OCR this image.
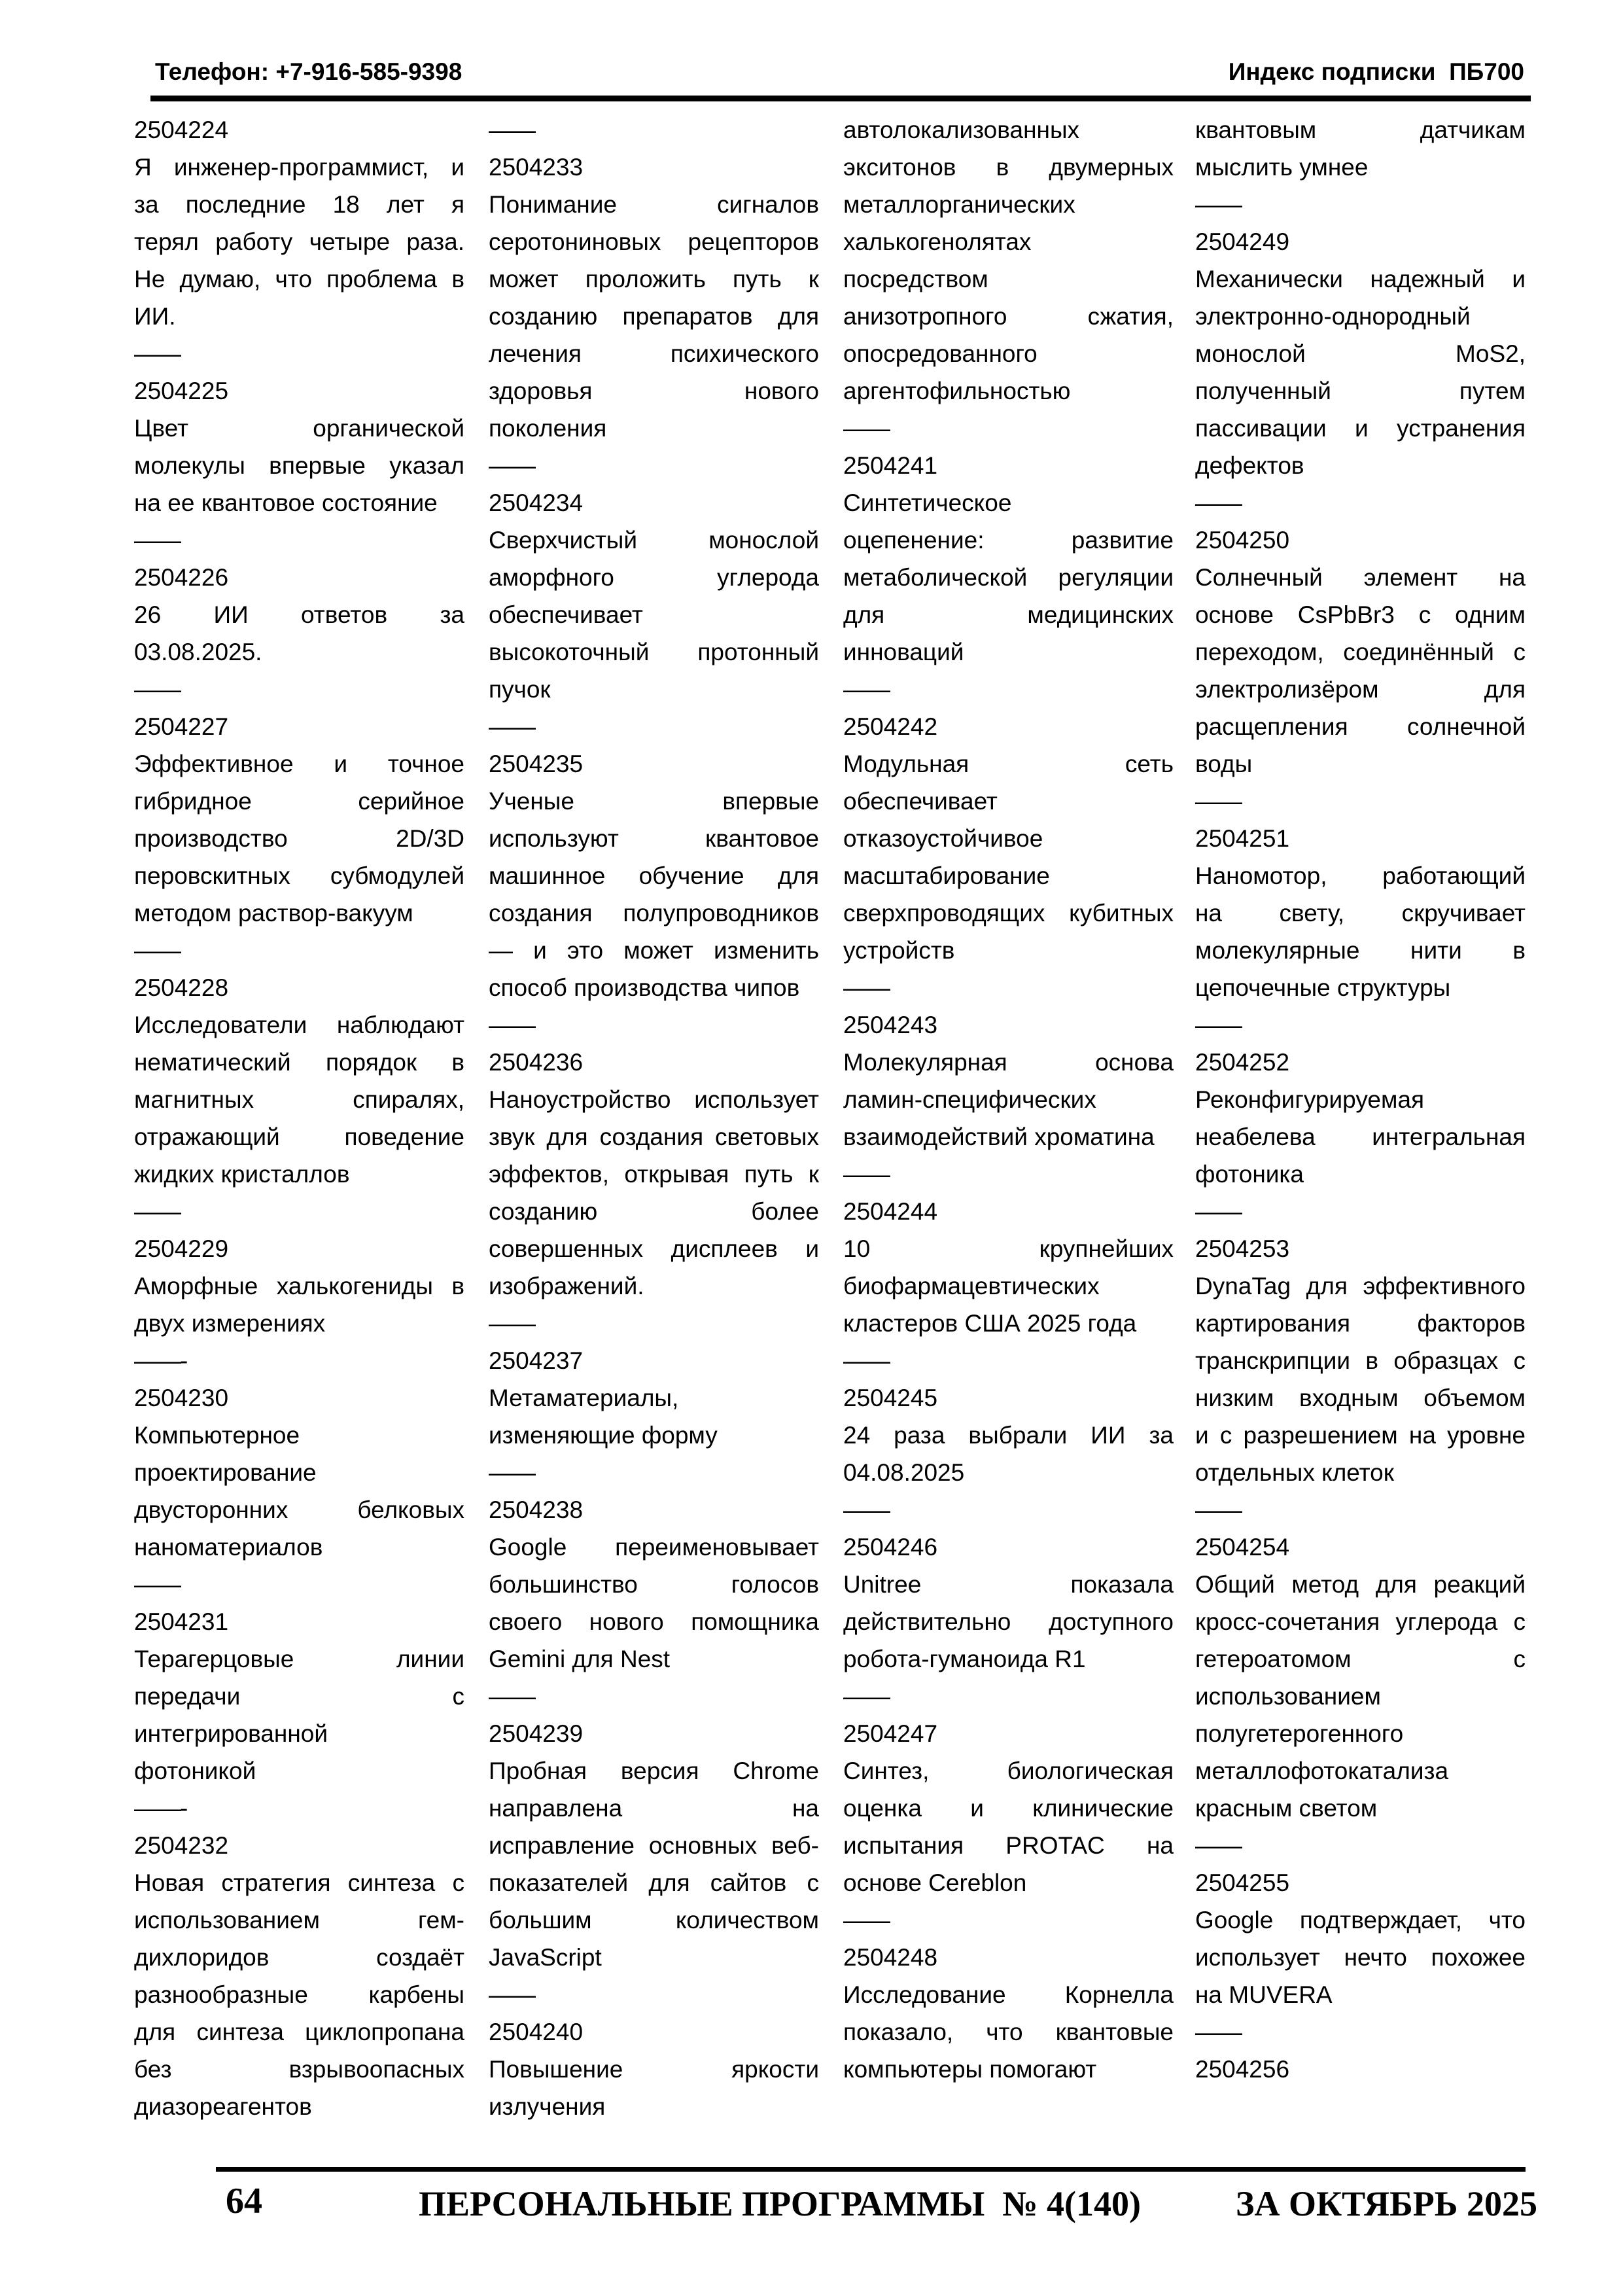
Телефон: +7-916-585-9398	Индекс подписки  ПБ700
2504224
Я инженер-программист, и
за последние 18 лет я
терял работу четыре раза.
Не думаю, что проблема в
ИИ.
——
2504225
Цвет органической
молекулы впервые указал
на ее квантовое состояние
——
2504226
26 ИИ ответов за
03.08.2025.
——
2504227
Эффективное и точное
гибридное серийное
производство 2D/3D
перовскитных субмодулей
методом раствор-вакуум
——
2504228
Исследователи наблюдают
нематический порядок в
магнитных спиралях,
отражающий поведение
жидких кристаллов
——
2504229
Аморфные халькогениды в
двух измерениях
——-
2504230
Компьютерное
проектирование
двусторонних белковых
наноматериалов
——
2504231
Терагерцовые линии
передачи с
интегрированной
фотоникой
——-
2504232
Новая стратегия синтеза с
использованием гем-
дихлоридов создаёт
разнообразные карбены
для синтеза циклопропана
без взрывоопасных
диазореагентов
——
2504233
Понимание сигналов
серотониновых рецепторов
может проложить путь к
созданию препаратов для
лечения психического
здоровья нового
поколения
——
2504234
Сверхчистый монослой
аморфного углерода
обеспечивает
высокоточный протонный
пучок
——
2504235
Ученые впервые
используют квантовое
машинное обучение для
создания полупроводников
— и это может изменить
способ производства чипов
——
2504236
Наноустройство использует
звук для создания световых
эффектов, открывая путь к
созданию более
совершенных дисплеев и
изображений.
——
2504237
Метаматериалы,
изменяющие форму
——
2504238
Google переименовывает
большинство голосов
своего нового помощника
Gemini для Nest
——
2504239
Пробная версия Chrome
направлена на
исправление основных веб-
показателей для сайтов с
большим количеством
JavaScript
——
2504240
Повышение яркости
излучения
автолокализованных
экситонов в двумерных
металлорганических
халькогенолятах
посредством
анизотропного сжатия,
опосредованного
аргентофильностью
——
2504241
Синтетическое
оцепенение: развитие
метаболической регуляции
для медицинских
инноваций
——
2504242
Модульная сеть
обеспечивает
отказоустойчивое
масштабирование
сверхпроводящих кубитных
устройств
——
2504243
Молекулярная основа
ламин-специфических
взаимодействий хроматина
——
2504244
10 крупнейших
биофармацевтических
кластеров США 2025 года
——
2504245
24 раза выбрали ИИ за
04.08.2025
——
2504246
Unitree показала
действительно доступного
робота-гуманоида R1
——
2504247
Синтез, биологическая
оценка и клинические
испытания PROTAC на
основе Cereblon
——
2504248
Исследование Корнелла
показало, что квантовые
компьютеры помогают
квантовым датчикам
мыслить умнее
——
2504249
Механически надежный и
электронно-однородный
монослой MoS2,
полученный путем
пассивации и устранения
дефектов
——
2504250
Солнечный элемент на
основе CsPbBr3 с одним
переходом, соединённый с
электролизёром для
расщепления солнечной
воды
——
2504251
Наномотор, работающий
на свету, скручивает
молекулярные нити в
цепочечные структуры
——
2504252
Реконфигурируемая
неабелева интегральная
фотоника
——
2504253
DynaTag для эффективного
картирования факторов
транскрипции в образцах с
низким входным объемом
и с разрешением на уровне
отдельных клеток
——
2504254
Общий метод для реакций
кросс-сочетания углерода с
гетероатомом с
использованием
полугетерогенного
металлофотокатализа
красным светом
——
2504255
Google подтверждает, что
использует нечто похожее
на MUVERA
——
2504256
64	ПЕРСОНАЛЬНЫЕ ПРОГРАММЫ  № 4(140)	ЗА ОКТЯБРЬ 2025
